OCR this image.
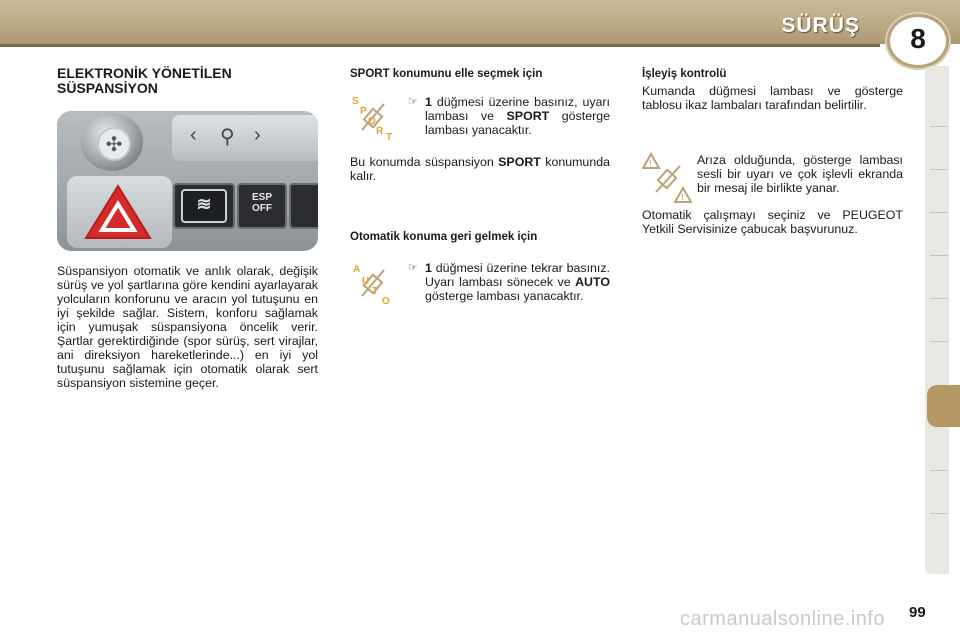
SÜRÜŞ	8
ELEKTRONİK YÖNETİLEN
SÜSPANSİYON
✣	‹ ⚲ ›
≋	ESP
OFF
Süspansiyon otomatik ve anlık olarak, değişik sürüş ve yol şartlarına göre kendini ayarlayarak yolcuların konforunu ve aracın yol tutuşunu en iyi şekilde sağlar. Sistem, konforu sağlamak için yumuşak süspansiyona öncelik verir. Şartlar gerektirdiğinde (spor sürüş, sert virajlar, ani direksiyon hareketlerinde...) en iyi yol tutuşunu sağlamak için otomatik olarak sert süspansiyon sistemine geçer.
SPORT konumunu elle seçmek için
S
P
O
R
T
☞ 1 düğmesi üzerine basınız, uyarı lambası ve SPORT gösterge lambası yanacaktır.
Bu konumda süspansiyon SPORT konumunda kalır.
Otomatik konuma geri gelmek için
A
U
T
O
☞ 1 düğmesi üzerine tekrar basınız. Uyarı lambası sönecek ve AUTO gösterge lambası yanacaktır.
İşleyiş kontrolü
Kumanda düğmesi lambası ve gösterge tablosu ikaz lambaları tarafından belirtilir.
!
!
Arıza olduğunda, gösterge lambası sesli bir uyarı ve çok işlevli ekranda bir mesaj ile birlikte yanar.
Otomatik çalışmayı seçiniz ve PEUGEOT Yetkili Servisinize çabucak başvurunuz.
carmanualsonline.info 99
